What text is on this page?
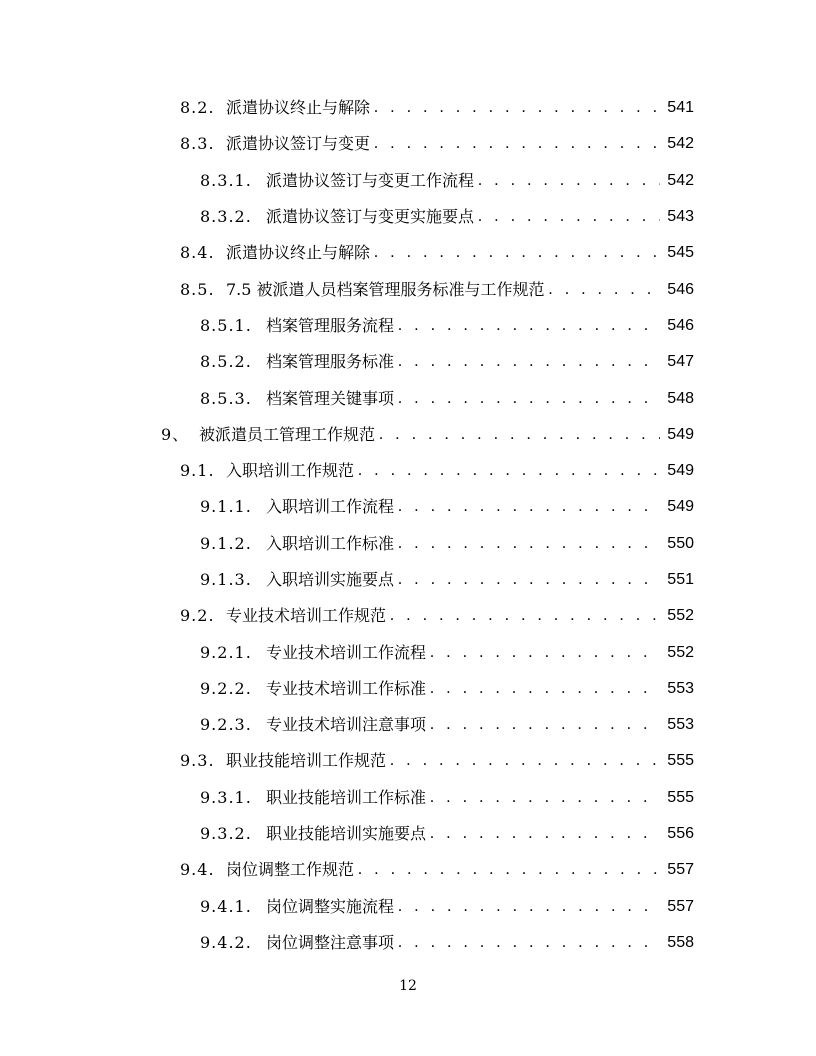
8.2. 派遣协议终止与解除 . . .	541
8.3. 派遣协议签订与变更 . . .	542
8.3.1. 派遣协议签订与变更工作流程 . . .	542
8.3.2. 派遣协议签订与变更实施要点 . . .	543
8.4. 派遣协议终止与解除 . . .	545
8.5. 7.5 被派遣人员档案管理服务标准与工作规范 . . .	546
8.5.1. 档案管理服务流程 . . .	546
8.5.2. 档案管理服务标准 . . .	547
8.5.3. 档案管理关键事项 . . .	548
9、 被派遣员工管理工作规范 . . .	549
9.1. 入职培训工作规范 . . .	549
9.1.1. 入职培训工作流程 . . .	549
9.1.2. 入职培训工作标准 . . .	550
9.1.3. 入职培训实施要点 . . .	551
9.2. 专业技术培训工作规范 . . .	552
9.2.1. 专业技术培训工作流程 . . .	552
9.2.2. 专业技术培训工作标准 . . .	553
9.2.3. 专业技术培训注意事项 . . .	553
9.3. 职业技能培训工作规范 . . .	555
9.3.1. 职业技能培训工作标准 . . .	555
9.3.2. 职业技能培训实施要点 . . .	556
9.4. 岗位调整工作规范 . . .	557
9.4.1. 岗位调整实施流程 . . .	557
9.4.2. 岗位调整注意事项 . . .	558
12
